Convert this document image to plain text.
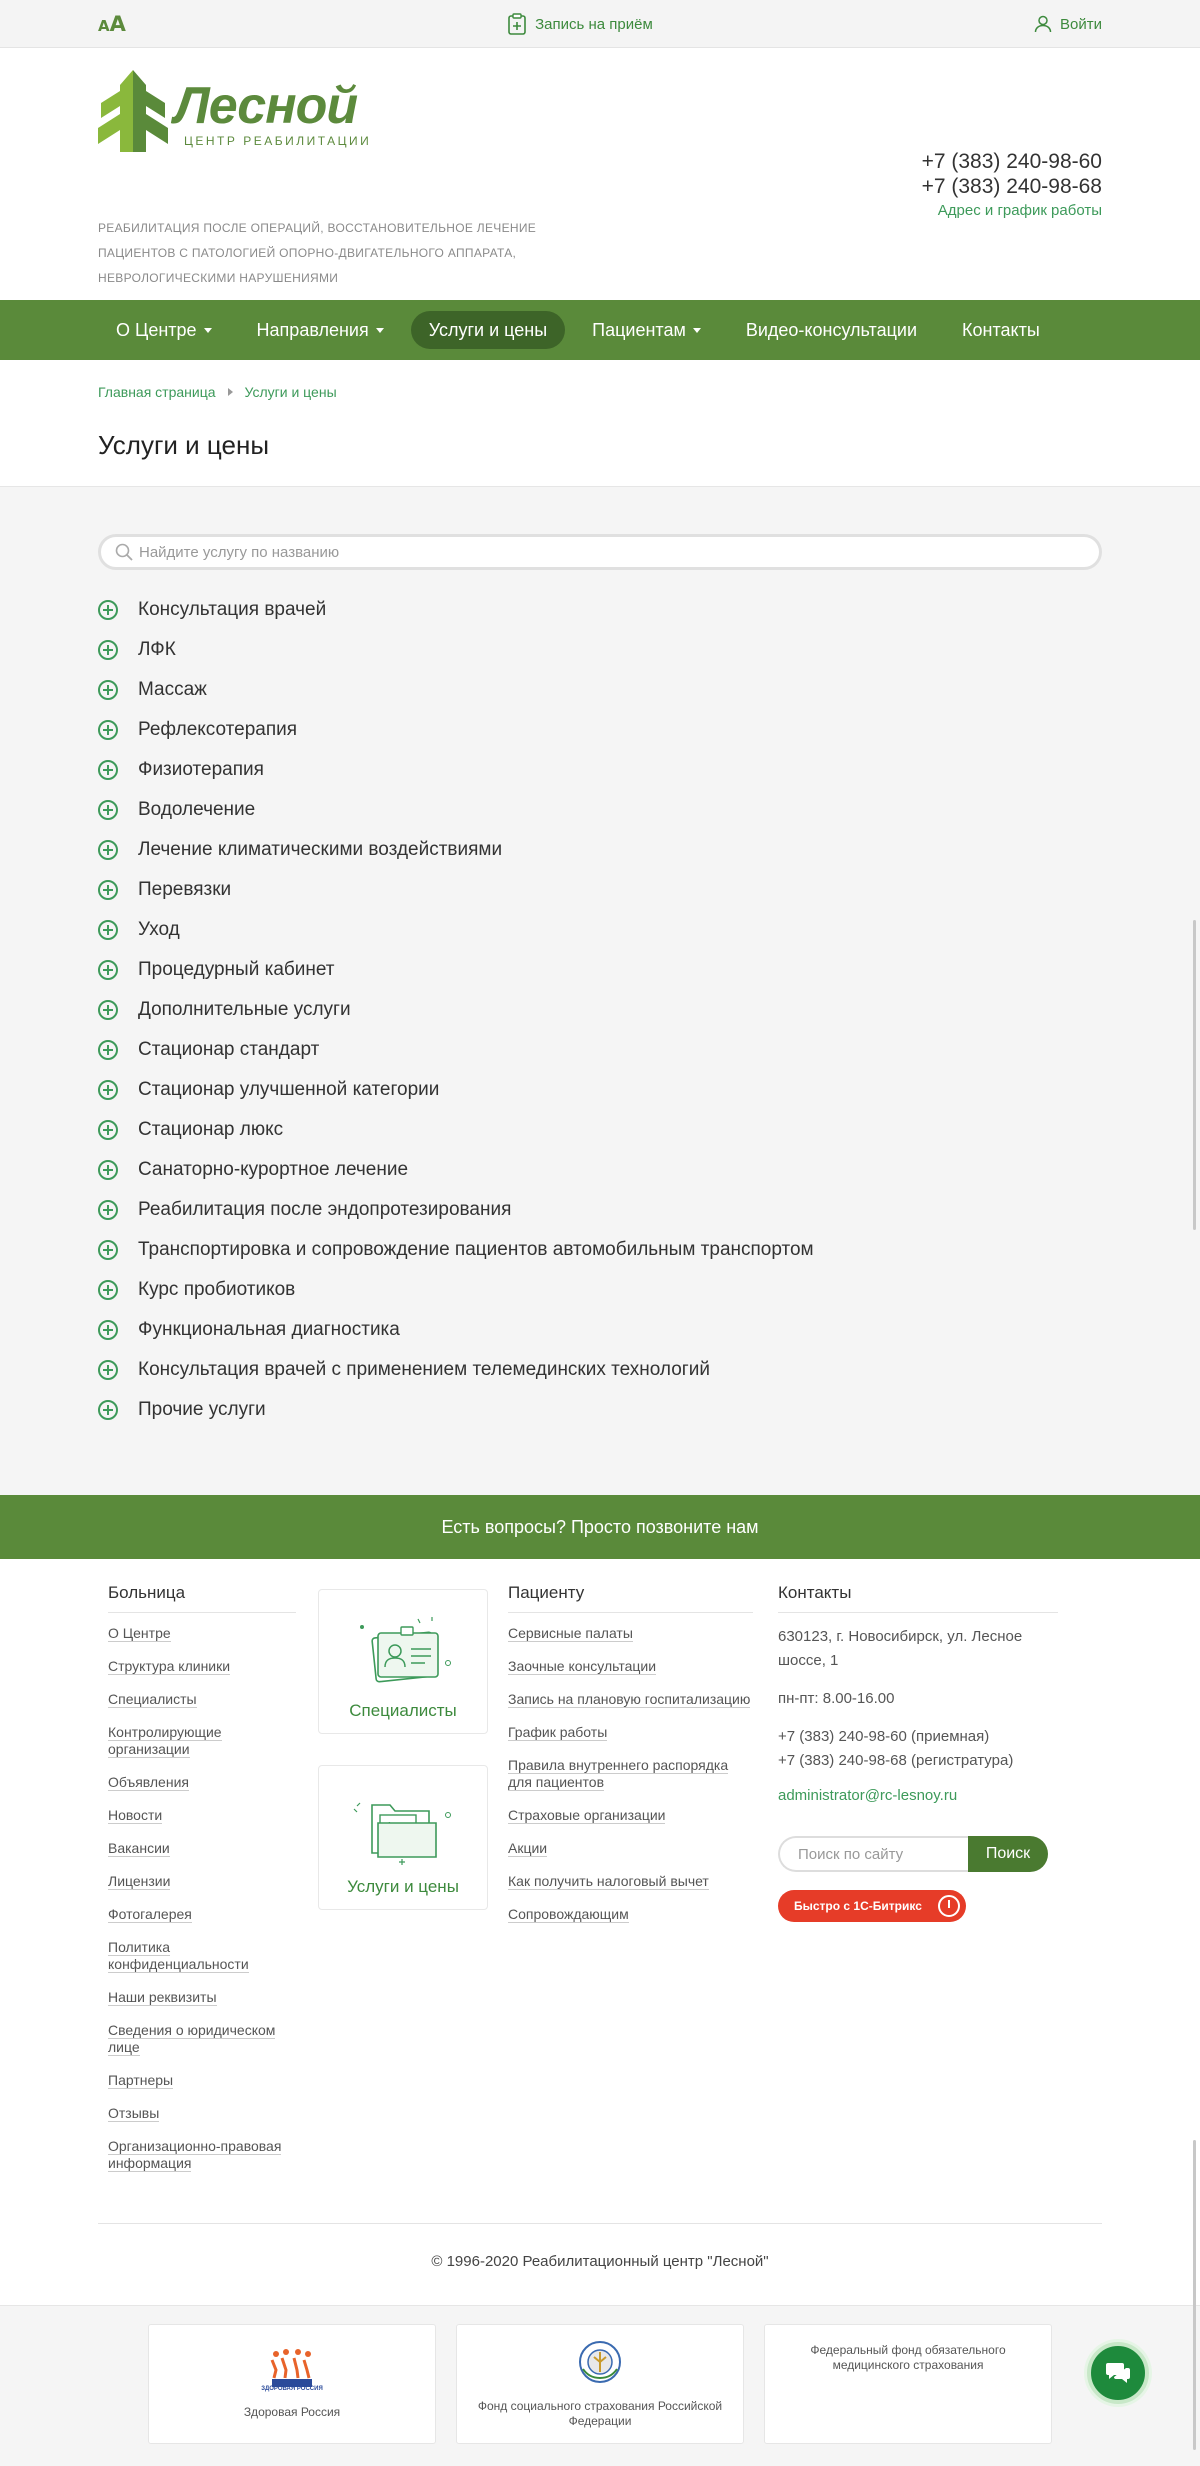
AA	Запись на приём	Войти
Лесной
ЦЕНТР РЕАБИЛИТАЦИИ
РЕАБИЛИТАЦИЯ ПОСЛЕ ОПЕРАЦИЙ, ВОССТАНОВИТЕЛЬНОЕ ЛЕЧЕНИЕ ПАЦИЕНТОВ С ПАТОЛОГИЕЙ ОПОРНО-ДВИГАТЕЛЬНОГО АППАРАТА, НЕВРОЛОГИЧЕСКИМИ НАРУШЕНИЯМИ
+7 (383) 240-98-60
+7 (383) 240-98-68
Адрес и график работы
О Центре	Направления	Услуги и цены	Пациентам	Видео-консультации	Контакты
Главная страница Услуги и цены
Услуги и цены
Найдите услугу по названию
Консультация врачей
ЛФК
Массаж
Рефлексотерапия
Физиотерапия
Водолечение
Лечение климатическими воздействиями
Перевязки
Уход
Процедурный кабинет
Дополнительные услуги
Стационар стандарт
Стационар улучшенной категории
Стационар люкс
Санаторно-курортное лечение
Реабилитация после эндопротезирования
Транспортировка и сопровождение пациентов автомобильным транспортом
Курс пробиотиков
Функциональная диагностика
Консультация врачей с применением телемединских технологий
Прочие услуги
Есть вопросы? Просто позвоните нам
Больница
О Центре
Структура клиники
Специалисты
Контролирующие организации
Объявления
Новости
Вакансии
Лицензии
Фотогалерея
Политика конфиденциальности
Наши реквизиты
Сведения о юридическом лице
Партнеры
Отзывы
Организационно-правовая информация
Специалисты
Услуги и цены
Пациенту
Сервисные палаты
Заочные консультации
Запись на плановую госпитализацию
График работы
Правила внутреннего распорядка для пациентов
Страховые организации
Акции
Как получить налоговый вычет
Сопровождающим
Контакты
630123, г. Новосибирск, ул. Лесное шоссе, 1
пн-пт: 8.00-16.00
+7 (383) 240-98-60 (приемная)
+7 (383) 240-98-68 (регистратура)
administrator@rc-lesnoy.ru
Поиск по сайту
Поиск
Быстро с 1С-Битрикс
© 1996-2020 Реабилитационный центр "Лесной"
ЗДОРОВАЯ РОССИЯ
Здоровая Россия	Фонд социального страхования Российской Федерации
Федеральный фонд обязательного медицинского страхования
